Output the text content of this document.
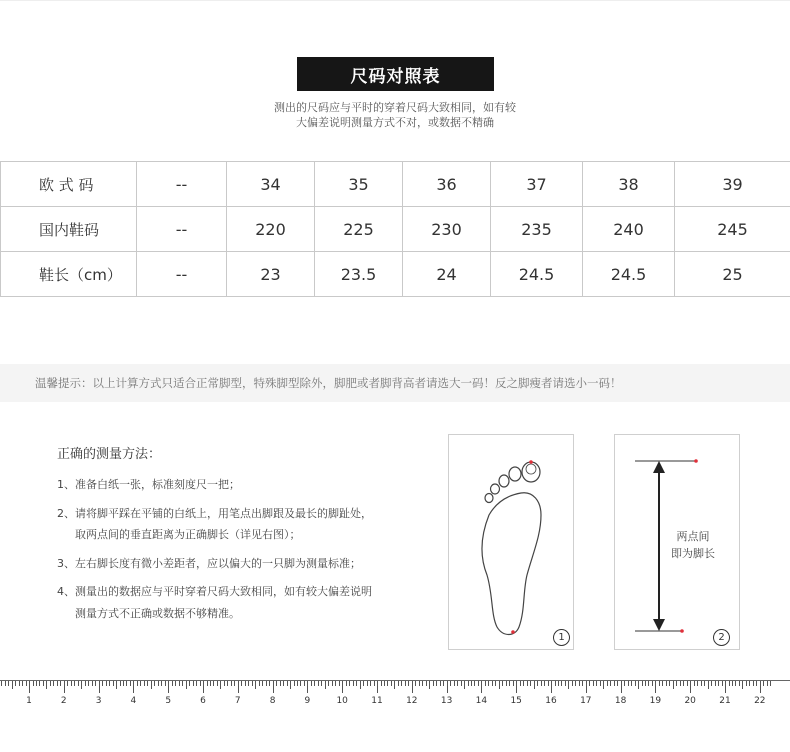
尺码对照表
测出的尺码应与平时的穿着尺码大致相同，如有较
大偏差说明测量方式不对，或数据不精确
欧 式 码	--	34	35	36	37	38	39
国内鞋码	--	220	225	230	235	240	245
鞋长（cm）	--	23	23.5	24	24.5	24.5	25
温馨提示：以上计算方式只适合正常脚型，特殊脚型除外，脚肥或者脚背高者请选大一码！反之脚瘦者请选小一码！
正确的测量方法：
1、准备白纸一张，标准刻度尺一把；
2、请将脚平踩在平铺的白纸上，用笔点出脚跟及最长的脚趾处，
取两点间的垂直距离为正确脚长（详见右图）；
3、左右脚长度有微小差距者，应以偏大的一只脚为测量标准；
4、测量出的数据应与平时穿着尺码大致相同，如有较大偏差说明
测量方式不正确或数据不够精准。
1	2
两点间
即为脚长
1	2	3	4	5	6	7	8	9	10	11	12	13	14	15	16	17	18	19	20	21	22
